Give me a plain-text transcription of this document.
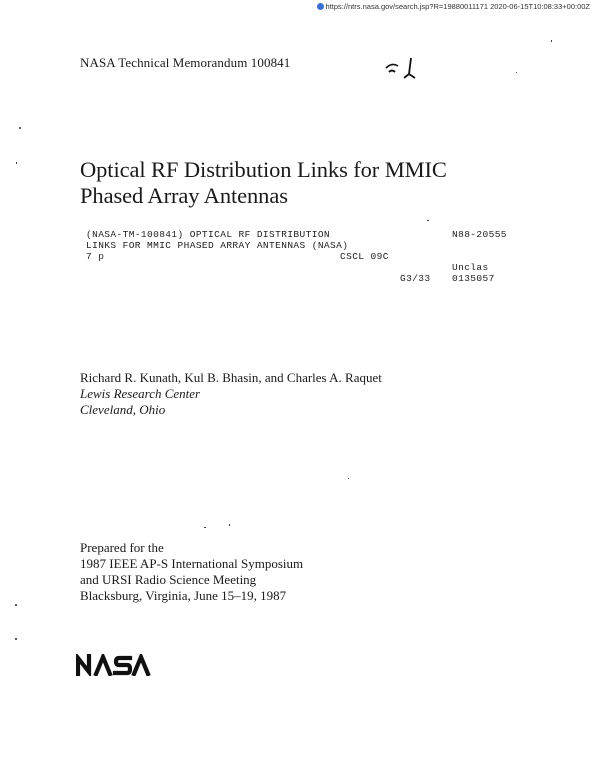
https://ntrs.nasa.gov/search.jsp?R=19880011171 2020-06-15T10:08:33+00:00Z
NASA Technical Memorandum 100841
Optical RF Distribution Links for MMIC
Phased Array Antennas
(NASA-TM-100841) OPTICAL RF DISTRIBUTION
LINKS FOR MMIC PHASED ARRAY ANTENNAS (NASA)
7 p	CSCL 09C
N88-20555
Unclas
G3/33 0135057
Richard R. Kunath, Kul B. Bhasin, and Charles A. Raquet
Lewis Research Center
Cleveland, Ohio
Prepared for the
1987 IEEE AP-S International Symposium
and URSI Radio Science Meeting
Blacksburg, Virginia, June 15–19, 1987
